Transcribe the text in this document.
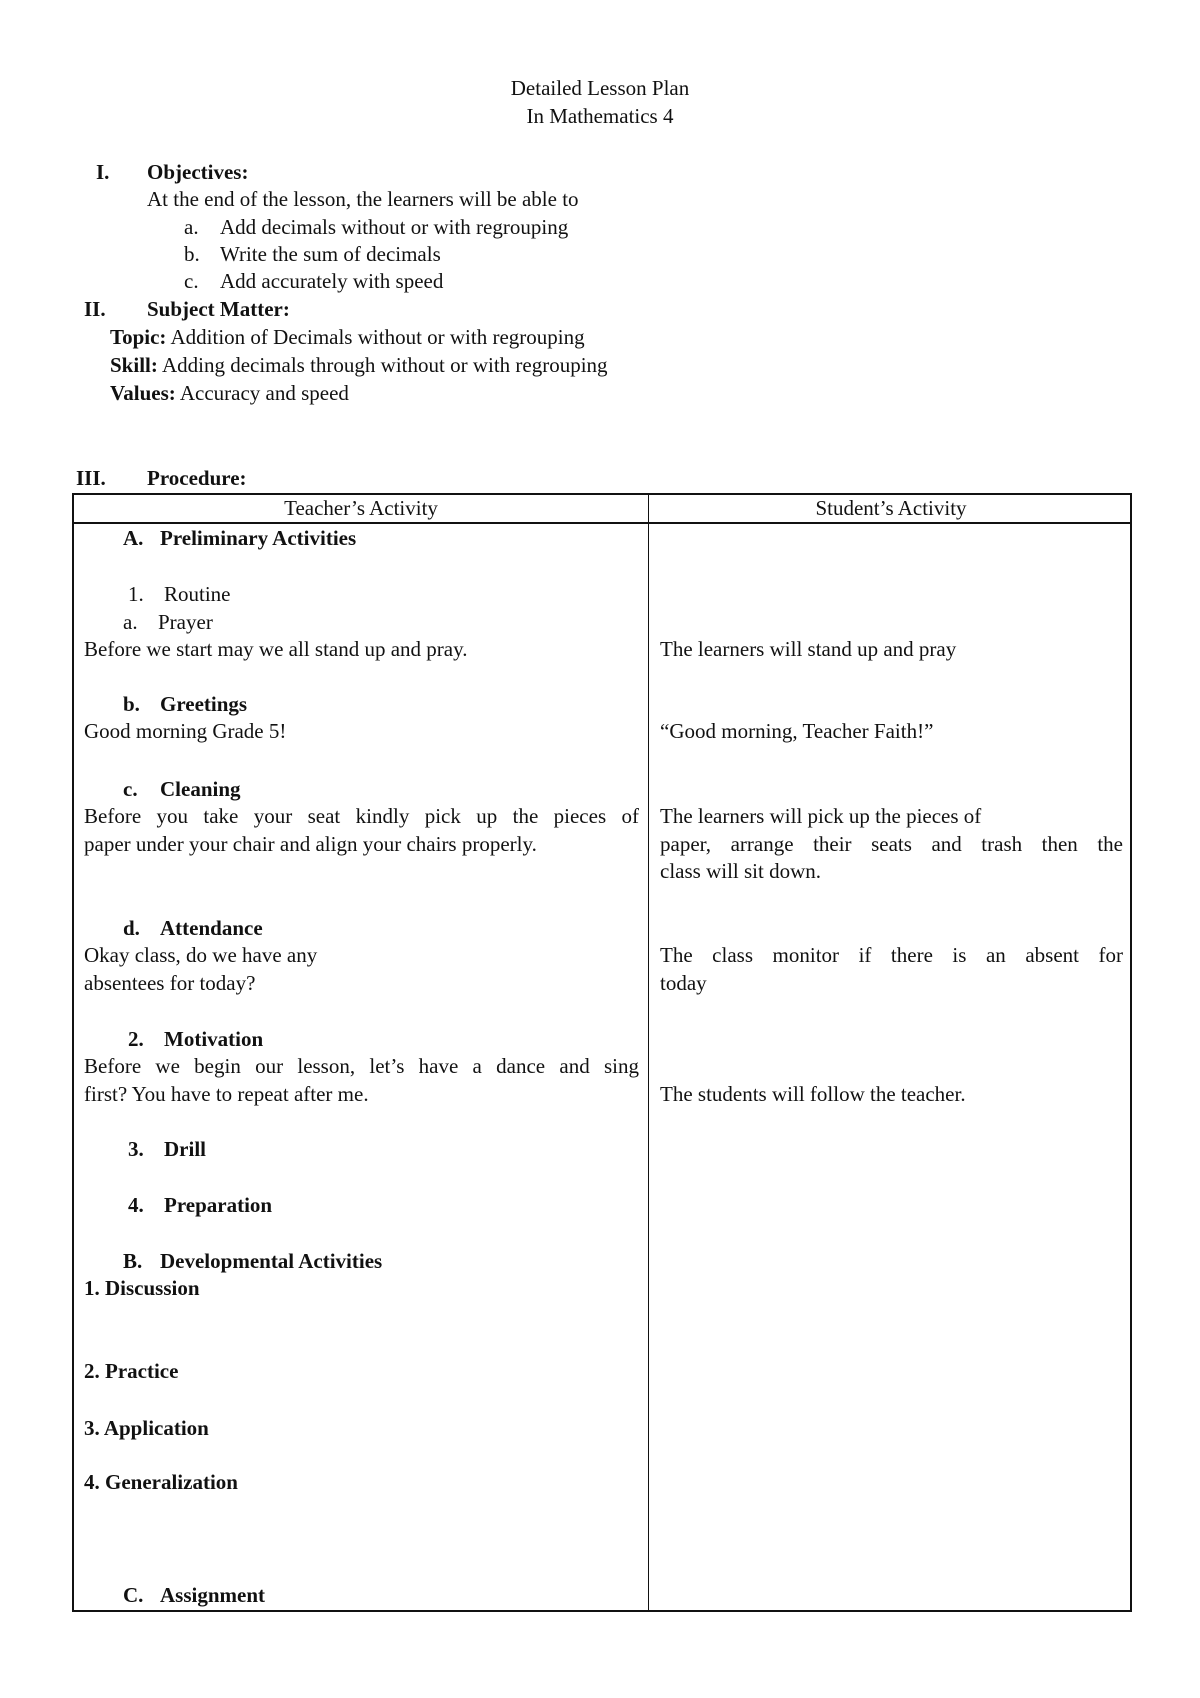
Detailed Lesson Plan
In Mathematics 4
I. Objectives:
At the end of the lesson, the learners will be able to
a. Add decimals without or with regrouping
b. Write the sum of decimals
c. Add accurately with speed
II. Subject Matter:
Topic: Addition of Decimals without or with regrouping
Skill: Adding decimals through without or with regrouping
Values: Accuracy and speed
III. Procedure:
Teacher’s Activity	Student’s Activity
A. Preliminary Activities
1. Routine
a. Prayer
Before we start may we all stand up and pray.
b. Greetings
Good morning Grade 5!
c. Cleaning
Before you take your seat kindly pick up the pieces of
paper under your chair and align your chairs properly.
d. Attendance
Okay class, do we have any
absentees for today?
2. Motivation
Before we begin our lesson, let’s have a dance and sing
first? You have to repeat after me.
3. Drill
4. Preparation
B. Developmental Activities
1. Discussion
2. Practice
3. Application
4. Generalization
C. Assignment
The learners will stand up and pray
“Good morning, Teacher Faith!”
The learners will pick up the pieces of
paper, arrange their seats and trash then the
class will sit down.
The class monitor if there is an absent for
today
The students will follow the teacher.
